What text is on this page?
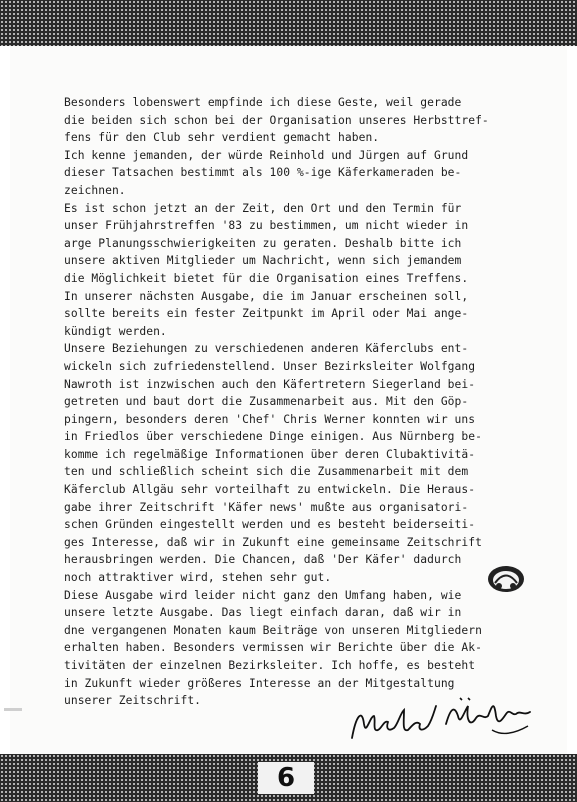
Besonders lobenswert empfinde ich diese Geste, weil gerade
die beiden sich schon bei der Organisation unseres Herbsttref-
fens für den Club sehr verdient gemacht haben.
Ich kenne jemanden, der würde Reinhold und Jürgen auf Grund
dieser Tatsachen bestimmt als 100 %-ige Käferkameraden be-
zeichnen.
Es ist schon jetzt an der Zeit, den Ort und den Termin für
unser Frühjahrstreffen '83 zu bestimmen, um nicht wieder in
arge Planungsschwierigkeiten zu geraten. Deshalb bitte ich
unsere aktiven Mitglieder um Nachricht, wenn sich jemandem
die Möglichkeit bietet für die Organisation eines Treffens.
In unserer nächsten Ausgabe, die im Januar erscheinen soll,
sollte bereits ein fester Zeitpunkt im April oder Mai ange-
kündigt werden.
Unsere Beziehungen zu verschiedenen anderen Käferclubs ent-
wickeln sich zufriedenstellend. Unser Bezirksleiter Wolfgang
Nawroth ist inzwischen auch den Käfertretern Siegerland bei-
getreten und baut dort die Zusammenarbeit aus. Mit den Göp-
pingern, besonders deren 'Chef' Chris Werner konnten wir uns
in Friedlos über verschiedene Dinge einigen. Aus Nürnberg be-
komme ich regelmäßige Informationen über deren Clubaktivitä-
ten und schließlich scheint sich die Zusammenarbeit mit dem
Käferclub Allgäu sehr vorteilhaft zu entwickeln. Die Heraus-
gabe ihrer Zeitschrift 'Käfer news' mußte aus organisatori-
schen Gründen eingestellt werden und es besteht beiderseiti-
ges Interesse, daß wir in Zukunft eine gemeinsame Zeitschrift
herausbringen werden. Die Chancen, daß 'Der Käfer' dadurch
noch attraktiver wird, stehen sehr gut.
Diese Ausgabe wird leider nicht ganz den Umfang haben, wie
unsere letzte Ausgabe. Das liegt einfach daran, daß wir in
dne vergangenen Monaten kaum Beiträge von unseren Mitgliedern
erhalten haben. Besonders vermissen wir Berichte über die Ak-
tivitäten der einzelnen Bezirksleiter. Ich hoffe, es besteht
in Zukunft wieder größeres Interesse an der Mitgestaltung
unserer Zeitschrift.
6
